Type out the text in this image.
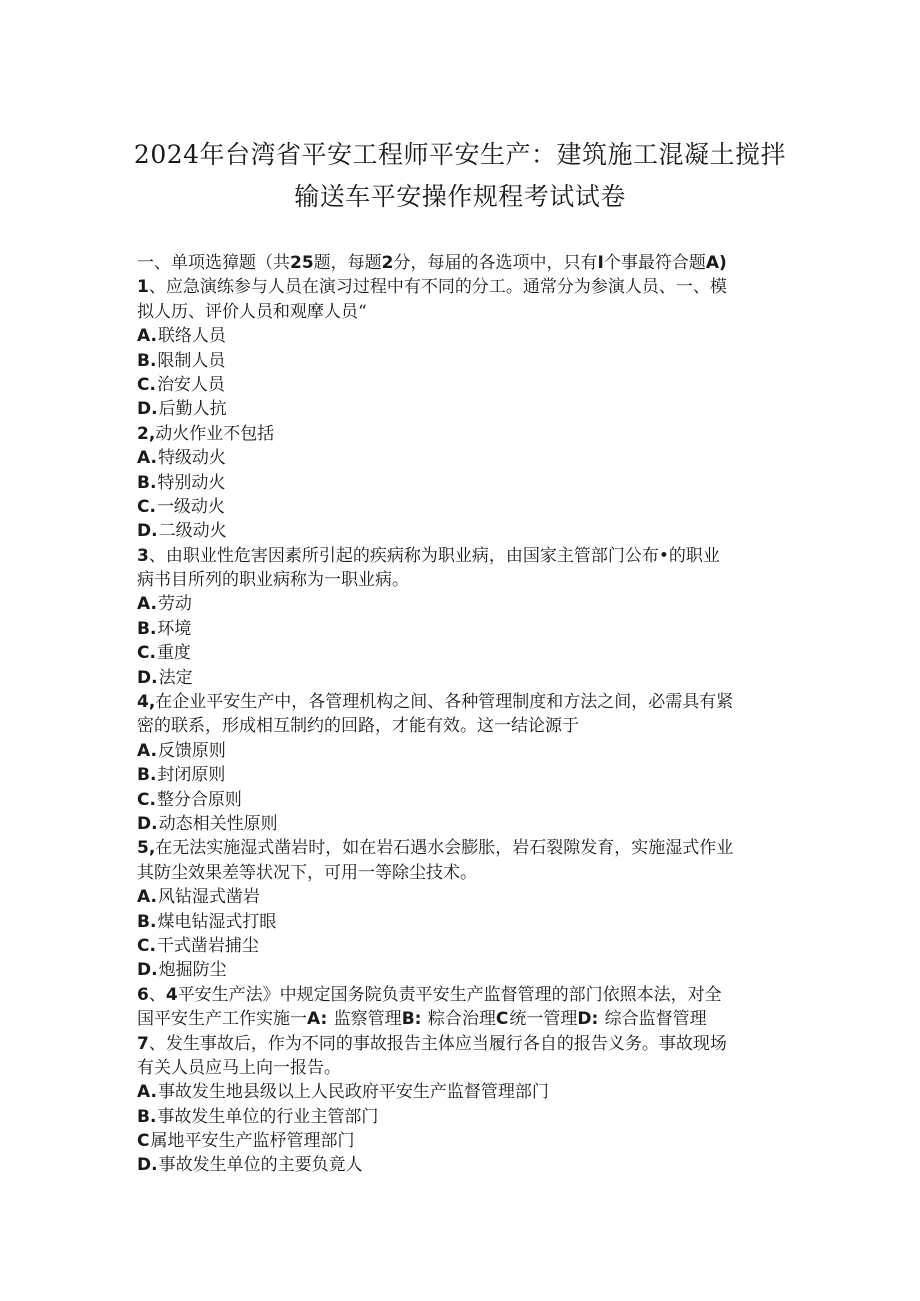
2024年台湾省平安工程师平安生产：建筑施工混凝土搅拌
输送车平安操作规程考试试卷
一、单项选獐题（共25题，每题2分，每届的各选项中，只有I个事最符合题A)
1、应急演练参与人员在演习过程中有不同的分工。通常分为参演人员、一、模
拟人历、评价人员和观摩人员“
A.联络人员
B.限制人员
C.治安人员
D.后勤人抗
2,动火作业不包括
A.特级动火
B.特别动火
C.一级动火
D.二级动火
3、由职业性危害因素所引起的疾病称为职业病，由国家主管部门公布•的职业
病书目所列的职业病称为一职业病。
A.劳动
B.环境
C.重度
D.法定
4,在企业平安生产中，各管理机构之间、各种管理制度和方法之间，必需具有紧
密的联系，形成相互制约的回路，才能有效。这一结论源于
A.反馈原则
B.封闭原则
C.整分合原则
D.动态相关性原则
5,在无法实施湿式凿岩时，如在岩石遇水会膨胀，岩石裂隙发育，实施湿式作业
其防尘效果差等状况下，可用一等除尘技术。
A.风钻湿式凿岩
B.煤电钻湿式打眼
C.干式凿岩捕尘
D.炮掘防尘
6、4平安生产法》中规定国务院负责平安生产监督管理的部门依照本法，对全
国平安生产工作实施一A: 监察管理B: 粽合治理C统一管理D: 综合监督管理
7、发生事故后，作为不同的事故报告主体应当履行各自的报告义务。事故现场
有关人员应马上向一报告。
A.事故发生地县级以上人民政府平安生产监督管理部门
B.事故发生单位的行业主管部门
C属地平安生产监杼管理部门
D.事故发生单位的主要负竟人
